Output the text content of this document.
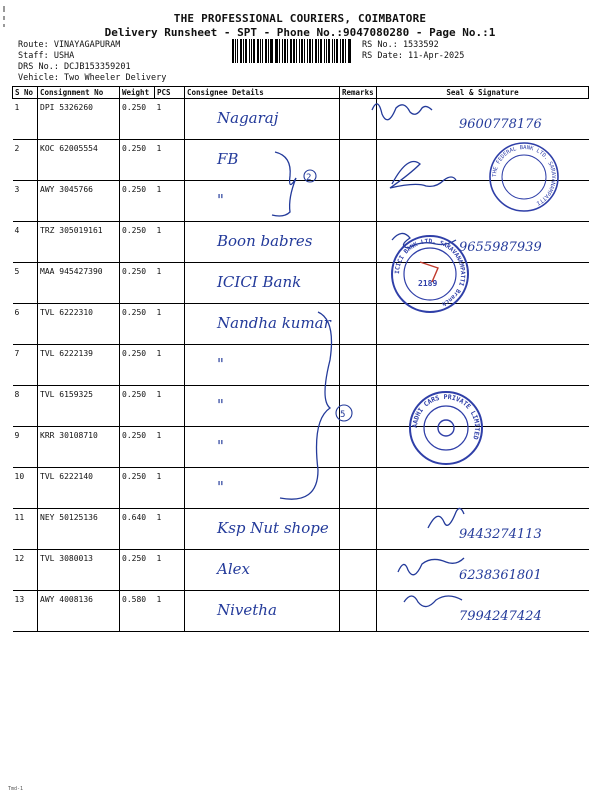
THE PROFESSIONAL COURIERS, COIMBATORE
Delivery Runsheet - SPT - Phone No.:9047080280 - Page No.:1
Route: VINAYAGAPURAM
Staff: USHA
DRS No.: DCJB153359201
Vehicle: Two Wheeler Delivery
RS No.: 1533592
RS Date: 11-Apr-2025
S No	Consignment No	Weight	PCS	Consignee Details	Remarks	Seal & Signature
1	DPI 5326260	0.250	1	Nagaraj		9600778176

2	KOC 62005554	0.250	1	FB		

3	AWY 3045766	0.250	1	"		

4	TRZ 305019161	0.250	1	Boon babres		9655987939

5	MAA 945427390	0.250	1	ICICI Bank		

6	TVL 6222310	0.250	1	Nandha kumar		

7	TVL 6222139	0.250	1	"		

8	TVL 6159325	0.250	1	"		

9	KRR 30108710	0.250	1	"		

10	TVL 6222140	0.250	1	"		

11	NEY 50125136	0.640	1	Ksp Nut shope		9443274113

12	TVL 3080013	0.250	1	Alex		6238361801

13	AWY 4008136	0.580	1	Nivetha		7994247424
2
5
THE FEDERAL BANK LTD. SARAVANAMPATTI
ICICI BANK LTD. SARAVANAMPATTI Branch
2189
AADHI CARS PRIVATE LIMITED
Tmd-1
